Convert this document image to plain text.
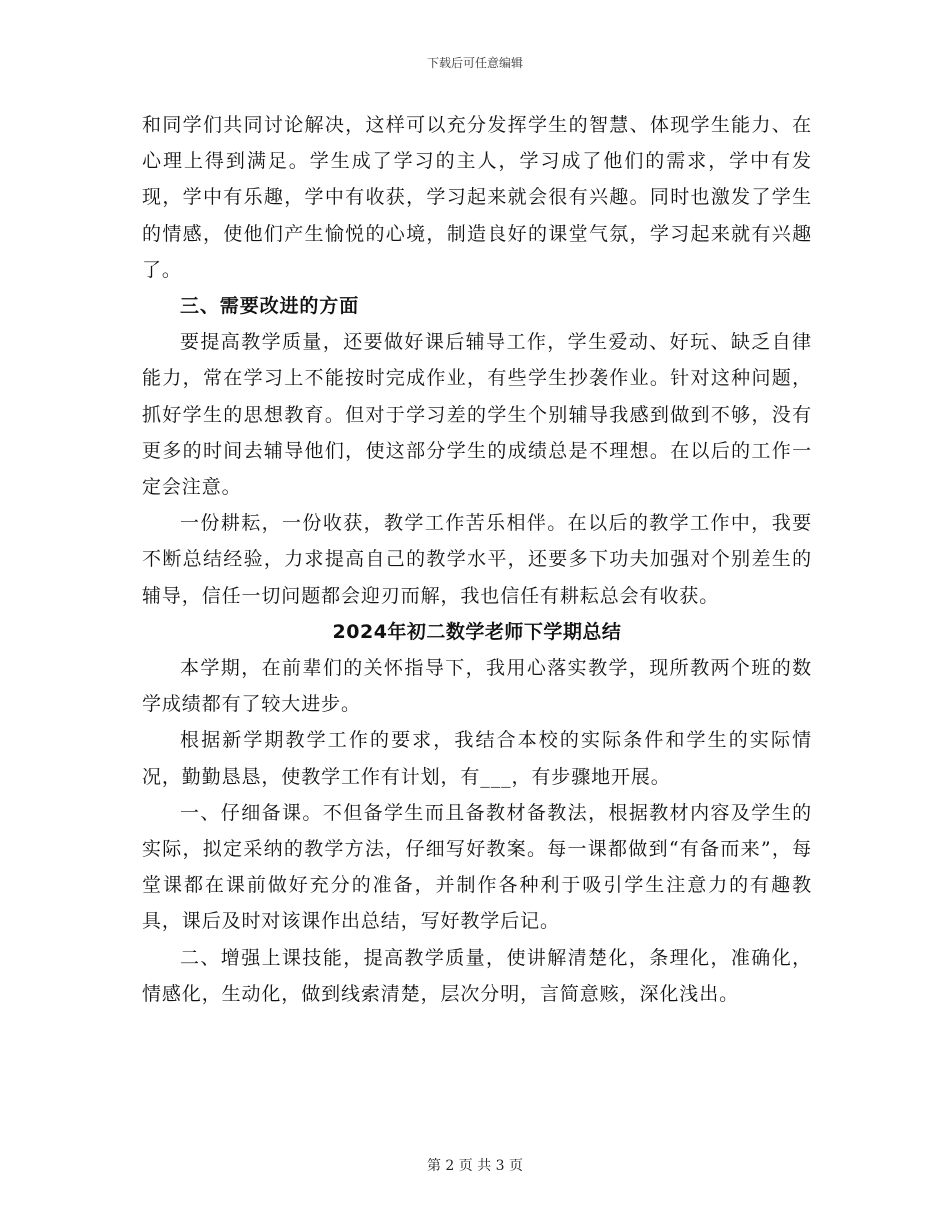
下载后可任意编辑

和同学们共同讨论解决，这样可以充分发挥学生的智慧、体现学生能力、在心理上得到满足。学生成了学习的主人，学习成了他们的需求，学中有发现，学中有乐趣，学中有收获，学习起来就会很有兴趣。同时也激发了学生的情感，使他们产生愉悦的心境，制造良好的课堂气氛，学习起来就有兴趣了。

三、需要改进的方面

要提高教学质量，还要做好课后辅导工作，学生爱动、好玩、缺乏自律能力，常在学习上不能按时完成作业，有些学生抄袭作业。针对这种问题，抓好学生的思想教育。但对于学习差的学生个别辅导我感到做到不够，没有更多的时间去辅导他们，使这部分学生的成绩总是不理想。在以后的工作一定会注意。

一份耕耘，一份收获，教学工作苦乐相伴。在以后的教学工作中，我要不断总结经验，力求提高自己的教学水平，还要多下功夫加强对个别差生的辅导，信任一切问题都会迎刃而解，我也信任有耕耘总会有收获。

2024年初二数学老师下学期总结

本学期，在前辈们的关怀指导下，我用心落实教学，现所教两个班的数学成绩都有了较大进步。

根据新学期教学工作的要求，我结合本校的实际条件和学生的实际情况，勤勤恳恳，使教学工作有计划，有___，有步骤地开展。

一、仔细备课。不但备学生而且备教材备教法，根据教材内容及学生的实际，拟定采纳的教学方法，仔细写好教案。每一课都做到“有备而来”，每堂课都在课前做好充分的准备，并制作各种利于吸引学生注意力的有趣教具，课后及时对该课作出总结，写好教学后记。

二、增强上课技能，提高教学质量，使讲解清楚化，条理化，准确化，情感化，生动化，做到线索清楚，层次分明，言简意赅，深化浅出。

第 2 页 共 3 页
